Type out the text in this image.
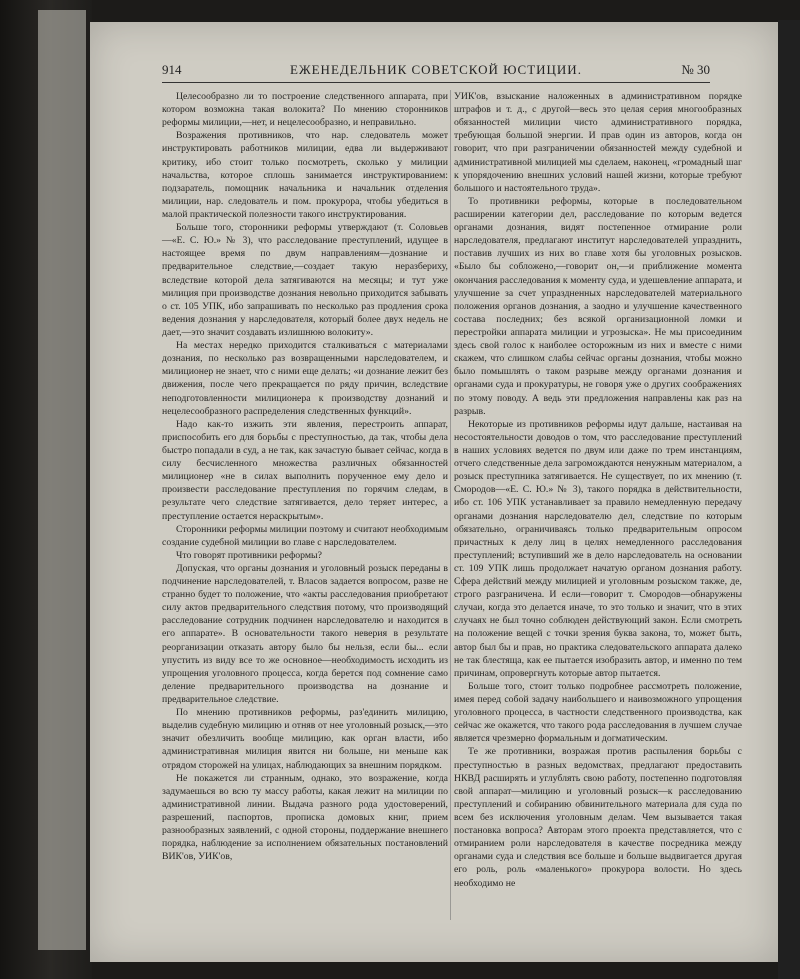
914	ЕЖЕНЕДЕЛЬНИК СОВЕТСКОЙ ЮСТИЦИИ.	№ 30

Целесообразно ли то построение следственного аппарата, при котором возможна такая волокита? По мнению сторонников реформы милиции,—нет, и нецелесообразно, и неправильно.

Возражения противников, что нар. следователь может инструктировать работников милиции, едва ли выдерживают критику, ибо стоит только посмотреть, сколько у милиции начальства, которое сплошь занимается инструктированием: подзаратель, помощник начальника и начальник отделения милиции, нар. следователь и пом. прокурора, чтобы убедиться в малой практической полезности такого инструктирования.

Больше того, сторонники реформы утверждают (т. Соловьев—«Е. С. Ю.» № 3), что расследование преступлений, идущее в настоящее время по двум направлениям—дознание и предварительное следствие,—создает такую неразбериху, вследствие которой дела затягиваются на месяцы; и тут уже милиция при производстве дознания невольно приходится забывать о ст. 105 УПК, ибо запрашивать по несколько раз продления срока ведения дознания у нарследователя, который более двух недель не дает,—это значит создавать излишнюю волокиту».

На местах нередко приходится сталкиваться с материалами дознания, по несколько раз возвращенными нарследователем, и милиционер не знает, что с ними еще делать; «и дознание лежит без движения, после чего прекращается по ряду причин, вследствие неподготовленности милиционера к производству дознаний и нецелесообразного распределения следственных функций».

Надо как-то изжить эти явления, перестроить аппарат, приспособить его для борьбы с преступностью, да так, чтобы дела быстро попадали в суд, а не так, как зачастую бывает сейчас, когда в силу бесчисленного множества различных обязанностей милиционер «не в силах выполнить порученное ему дело и произвести расследование преступления по горячим следам, в результате чего следствие затягивается, дело теряет интерес, а преступление остается нераскрытым».

Сторонники реформы милиции поэтому и считают необходимым создание судебной милиции во главе с нарследователем.

Что говорят противники реформы?

Допуская, что органы дознания и уголовный розыск переданы в подчинение нарследователей, т. Власов задается вопросом, разве не странно будет то положение, что «акты расследования приобретают силу актов предварительного следствия потому, что производящий расследование сотрудник подчинен нарследователю и находится в его аппарате». В основательности такого неверия в результате реорганизации отказать автору было бы нельзя, если бы... если упустить из виду все то же основное—необходимость исходить из упрощения уголовного процесса, когда берется под сомнение само деление предварительного производства на дознание и предварительное следствие.

По мнению противников реформы, раз'единить милицию, выделив судебную милицию и отняв от нее уголовный розыск,—это значит обезличить вообще милицию, как орган власти, ибо административная милиция явится ни больше, ни меньше как отрядом сторожей на улицах, наблюдающих за внешним порядком.

Не покажется ли странным, однако, это возражение, когда задумаешься во всю ту массу работы, какая лежит на милиции по административной линии. Выдача разного рода удостоверений, разрешений, паспортов, прописка домовых книг, прием разнообразных заявлений, с одной стороны, поддержание внешнего порядка, наблюдение за исполнением обязательных постановлений ВИК'ов, УИК'ов,

УИК'ов, взыскание наложенных в административном порядке штрафов и т. д., с другой—весь это целая серия многообразных обязанностей милиции чисто административного порядка, требующая большой энергии. И прав один из авторов, когда он говорит, что при разграничении обязанностей между судебной и административной милицией мы сделаем, наконец, «громадный шаг к упорядочению внешних условий нашей жизни, которые требуют большого и настоятельного труда».

То противники реформы, которые в последовательном расширении категории дел, расследование по которым ведется органами дознания, видят постепенное отмирание роли нарследователя, предлагают институт нарследователей упразднить, поставив лучших из них во главе хотя бы уголовных розысков. «Было бы собложено,—говорит он,—и приближение момента окончания расследования к моменту суда, и удешевление аппарата, и улучшение за счет упраздненных нарследователей материального положения органов дознания, а заодно и улучшение качественного состава последних; без всякой организационной ломки и перестройки аппарата милиции и угрозыска». Не мы присоединим здесь свой голос к наиболее осторожным из них и вместе с ними скажем, что слишком слабы сейчас органы дознания, чтобы можно было помышлять о таком разрыве между органами дознания и органами суда и прокуратуры, не говоря уже о других соображениях по этому поводу. А ведь эти предложения направлены как раз на разрыв.

Некоторые из противников реформы идут дальше, настаивая на несостоятельности доводов о том, что расследование преступлений в наших условиях ведется по двум или даже по трем инстанциям, отчего следственные дела загромождаются ненужным материалом, а розыск преступника затягивается. Не существует, по их мнению (т. Смородов—«Е. С. Ю.» № 3), такого порядка в действительности, ибо ст. 106 УПК устанавливает за правило немедленную передачу органами дознания нарследователю дел, следствие по которым обязательно, ограничиваясь только предварительным опросом причастных к делу лиц в целях немедленного расследования преступлений; вступивший же в дело нарследователь на основании ст. 109 УПК лишь продолжает начатую органом дознания работу. Сфера действий между милицией и уголовным розыском также, де, строго разграничена. И если—говорит т. Смородов—обнаружены случаи, когда это делается иначе, то это только и значит, что в этих случаях не был точно соблюден действующий закон. Если смотреть на положение вещей с точки зрения буква закона, то, может быть, автор был бы и прав, но практика следовательского аппарата далеко не так блестяща, как ее пытается изобразить автор, и именно по тем причинам, опровергнуть которые автор пытается.

Больше того, стоит только подробнее рассмотреть положение, имея перед собой задачу наибольшего и наивозможного упрощения уголовного процесса, в частности следственного производства, как сейчас же окажется, что такого рода расследования в лучшем случае является чрезмерно формальным и догматическим.

Те же противники, возражая против распыления борьбы с преступностью в разных ведомствах, предлагают предоставить НКВД расширять и углублять свою работу, постепенно подготовляя свой аппарат—милицию и уголовный розыск—к расследованию преступлений и собиранию обвинительного материала для суда по всем без исключения уголовным делам. Чем вызывается такая постановка вопроса? Авторам этого проекта представляется, что с отмиранием роли нарследователя в качестве посредника между органами суда и следствия все больше и больше выдвигается другая его роль, роль «маленького» прокурора волости. Но здесь необходимо не
